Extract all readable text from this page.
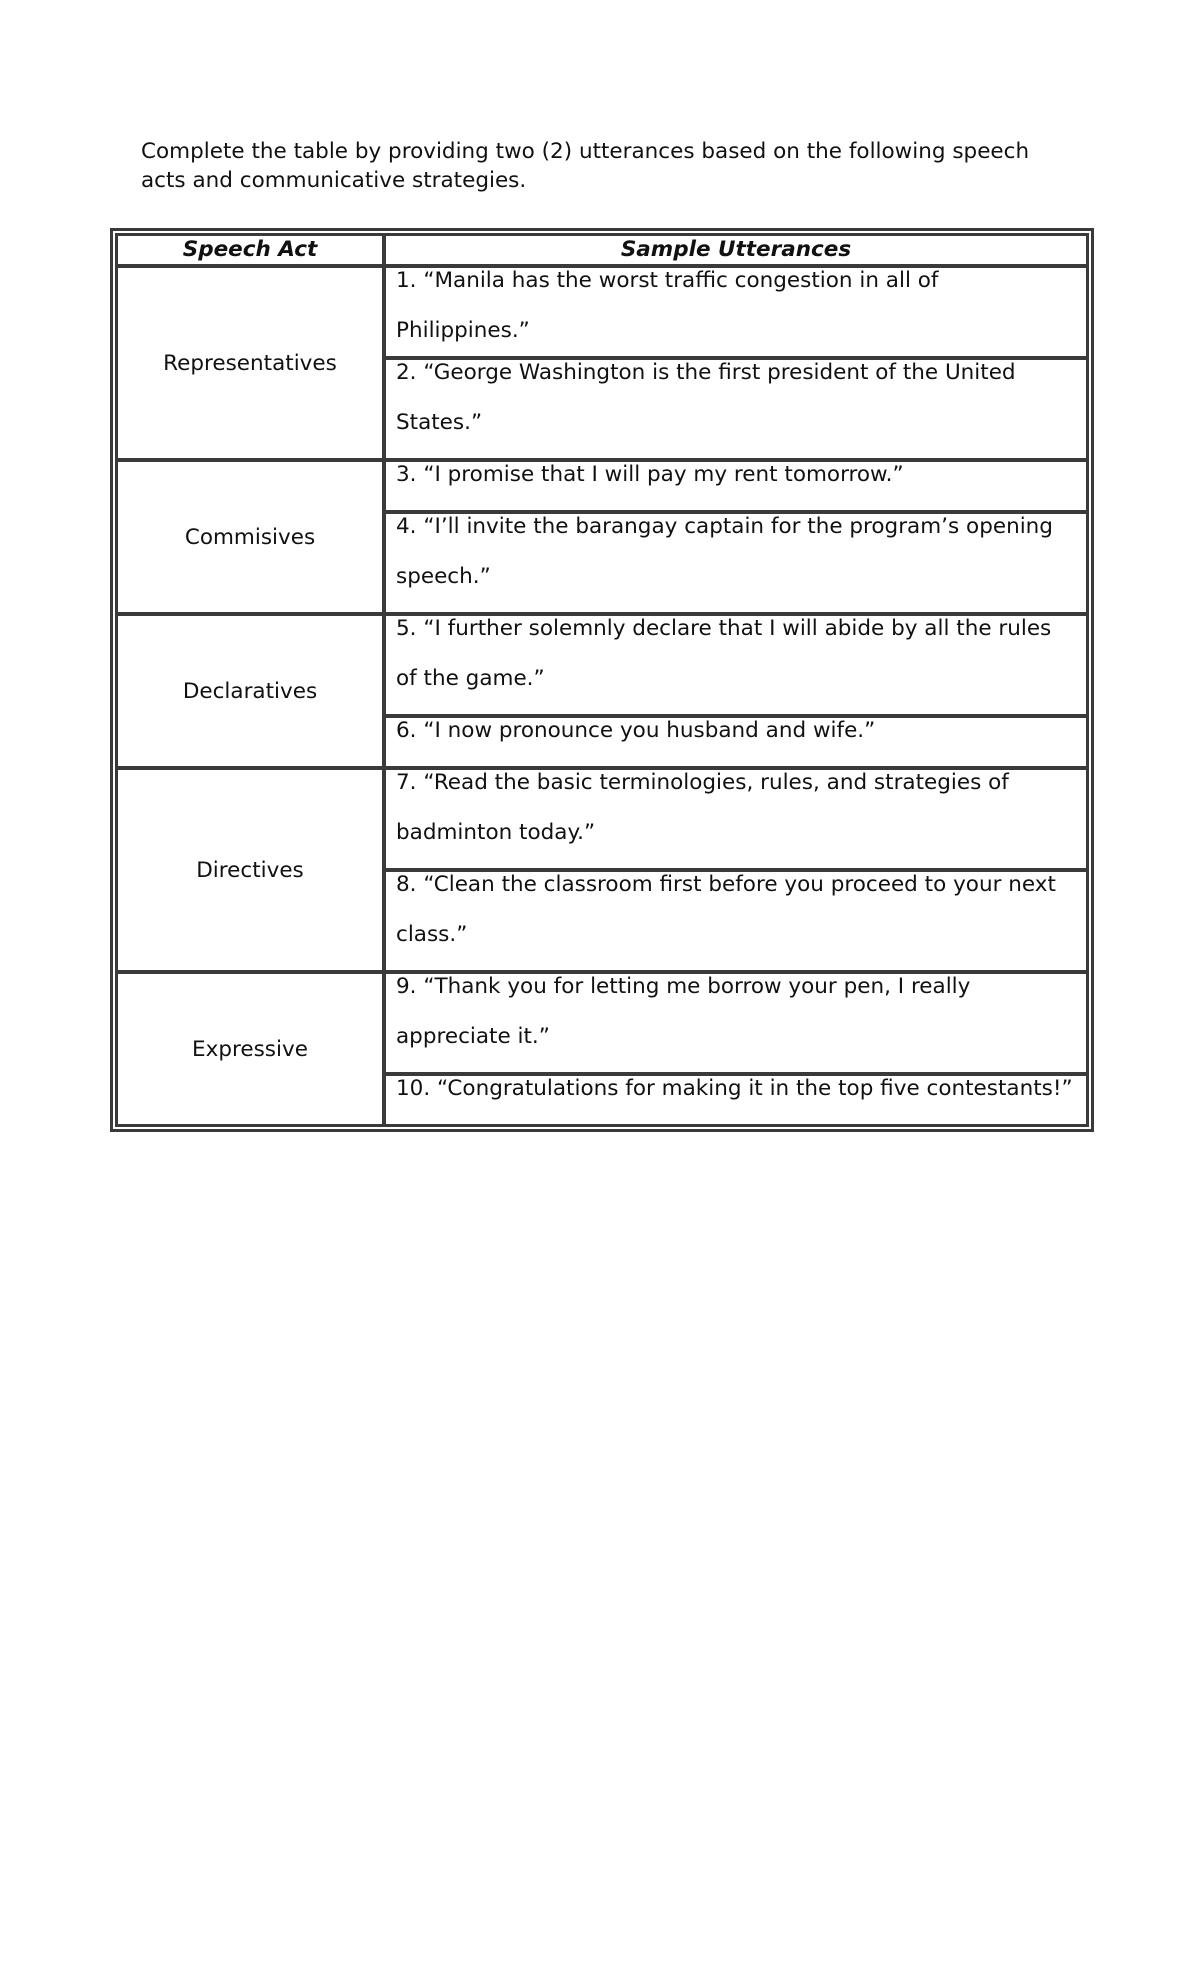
Complete the table by providing two (2) utterances based on the following speech acts and communicative strategies.

Speech Act	Sample Utterances
Representatives	1. “Manila has the worst traffic congestion in all of Philippines.”

	2. “George Washington is the first president of the United States.”

Commisives	3. “I promise that I will pay my rent tomorrow.”

	4. “I’ll invite the barangay captain for the program’s opening speech.”

Declaratives	5. “I further solemnly declare that I will abide by all the rules of the game.”

	6. “I now pronounce you husband and wife.”

Directives	7. “Read the basic terminologies, rules, and strategies of badminton today.”

	8. “Clean the classroom first before you proceed to your next class.”

Expressive	9. “Thank you for letting me borrow your pen, I really appreciate it.”

	10. “Congratulations for making it in the top five contestants!”
